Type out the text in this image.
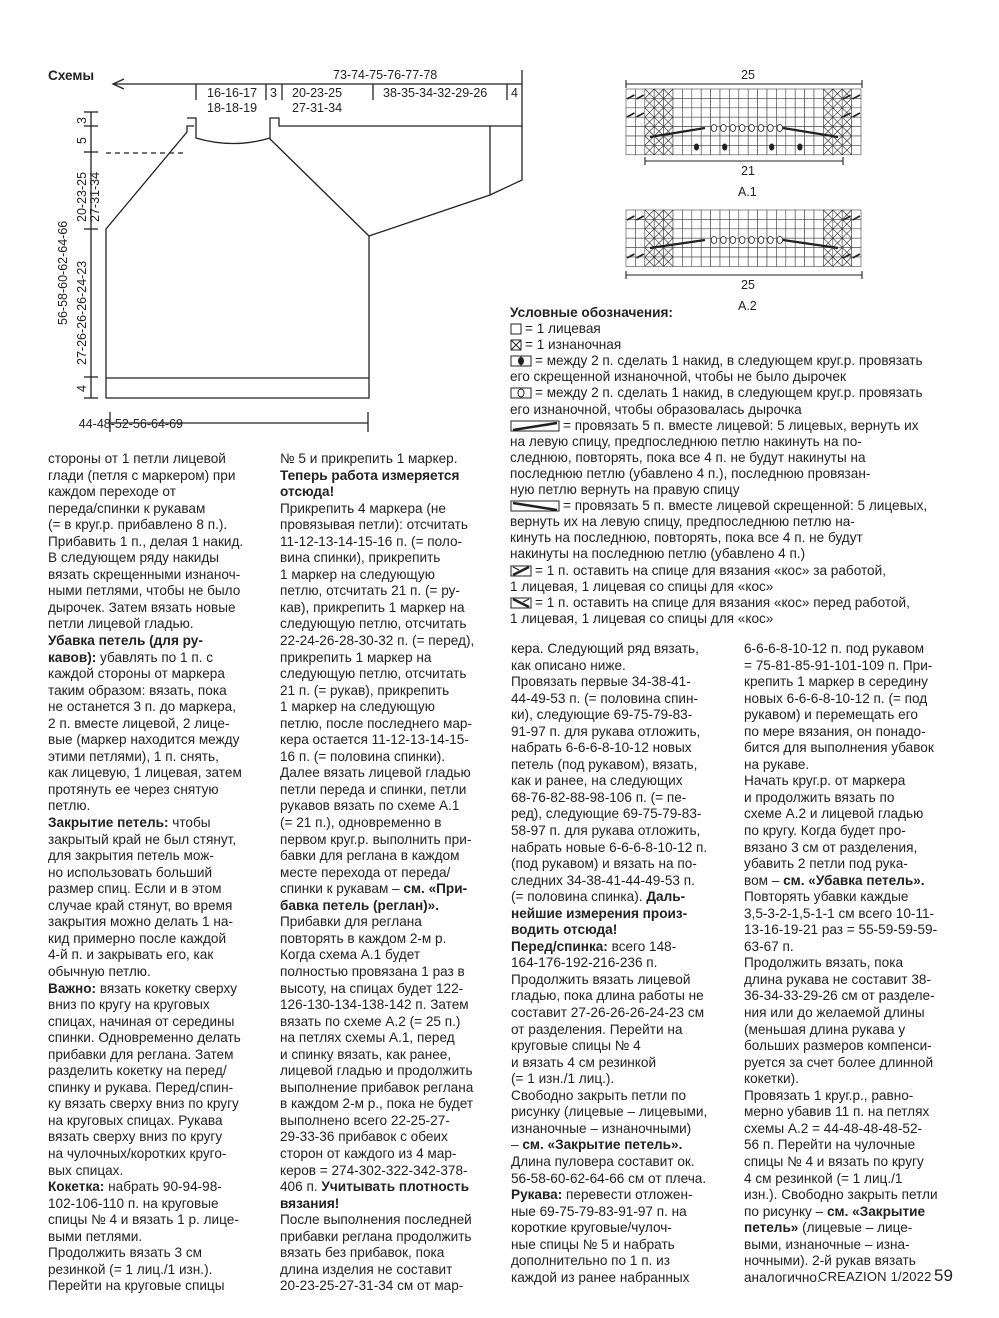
Схемы	73-74-75-76-77-78
16-16-17
18-18-19
3 20-23-25
27-31-34
38-35-34-32-29-26 4
44-48-52-56-64-69
3
5
20-23-25 27-31-34
56-58-60-62-64-66 27-26-26-26-24-23
4
25
21
A.1
25
A.2
Условные обозначения:
= 1 лицевая
= 1 изнаночная
= между 2 п. сделать 1 накид, в следующем круг.р. провязать
его скрещенной изнаночной, чтобы не было дырочек
= между 2 п. сделать 1 накид, в следующем круг.р. провязать
его изнаночной, чтобы образовалась дырочка
= провязать 5 п. вместе лицевой: 5 лицевых, вернуть их
на левую спицу, предпоследнюю петлю накинуть на по-
следнюю, повторять, пока все 4 п. не будут накинуты на
последнюю петлю (убавлено 4 п.), последнюю провязан-
ную петлю вернуть на правую спицу
= провязать 5 п. вместе лицевой скрещенной: 5 лицевых,
вернуть их на левую спицу, предпоследнюю петлю на-
кинуть на последнюю, повторять, пока все 4 п. не будут
накинуты на последнюю петлю (убавлено 4 п.)
= 1 п. оставить на спице для вязания «кос» за работой,
1 лицевая, 1 лицевая со спицы для «кос»
= 1 п. оставить на спице для вязания «кос» перед работой,
1 лицевая, 1 лицевая со спицы для «кос»
стороны от 1 петли лицевой
глади (петля с маркером) при
каждом переходе от
переда/спинки к рукавам
(= в круг.р. прибавлено 8 п.).
Прибавить 1 п., делая 1 накид.
В следующем ряду накиды
вязать скрещенными изнаноч-
ными петлями, чтобы не было
дырочек. Затем вязать новые
петли лицевой гладью.
Убавка петель (для ру-
кавов): убавлять по 1 п. с
каждой стороны от маркера
таким образом: вязать, пока
не останется 3 п. до маркера,
2 п. вместе лицевой, 2 лице-
вые (маркер находится между
этими петлями), 1 п. снять,
как лицевую, 1 лицевая, затем
протянуть ее через снятую
петлю.
Закрытие петель: чтобы
закрытый край не был стянут,
для закрытия петель мож-
но использовать больший
размер спиц. Если и в этом
случае край стянут, во время
закрытия можно делать 1 на-
кид примерно после каждой
4-й п. и закрывать его, как
обычную петлю.
Важно: вязать кокетку сверху
вниз по кругу на круговых
спицах, начиная от середины
спинки. Одновременно делать
прибавки для реглана. Затем
разделить кокетку на перед/
спинку и рукава. Перед/спин-
ку вязать сверху вниз по кругу
на круговых спицах. Рукава
вязать сверху вниз по кругу
на чулочных/коротких круго-
вых спицах.
Кокетка: набрать 90-94-98-
102-106-110 п. на круговые
спицы № 4 и вязать 1 р. лице-
выми петлями.
Продолжить вязать 3 см
резинкой (= 1 лиц./1 изн.).
Перейти на круговые спицы
№ 5 и прикрепить 1 маркер.
Теперь работа измеряется
отсюда!
Прикрепить 4 маркера (не
провязывая петли): отсчитать
11-12-13-14-15-16 п. (= поло-
вина спинки), прикрепить
1 маркер на следующую
петлю, отсчитать 21 п. (= ру-
кав), прикрепить 1 маркер на
следующую петлю, отсчитать
22-24-26-28-30-32 п. (= перед),
прикрепить 1 маркер на
следующую петлю, отсчитать
21 п. (= рукав), прикрепить
1 маркер на следующую
петлю, после последнего мар-
кера остается 11-12-13-14-15-
16 п. (= половина спинки).
Далее вязать лицевой гладью
петли переда и спинки, петли
рукавов вязать по схеме A.1
(= 21 п.), одновременно в
первом круг.р. выполнить при-
бавки для реглана в каждом
месте перехода от переда/
спинки к рукавам – см. «При-
бавка петель (реглан)».
Прибавки для реглана
повторять в каждом 2-м р.
Когда схема A.1 будет
полностью провязана 1 раз в
высоту, на спицах будет 122-
126-130-134-138-142 п. Затем
вязать по схеме A.2 (= 25 п.)
на петлях схемы A.1, перед
и спинку вязать, как ранее,
лицевой гладью и продолжить
выполнение прибавок реглана
в каждом 2-м р., пока не будет
выполнено всего 22-25-27-
29-33-36 прибавок с обеих
сторон от каждого из 4 мар-
керов = 274-302-322-342-378-
406 п. Учитывать плотность
вязания!
После выполнения последней
прибавки реглана продолжить
вязать без прибавок, пока
длина изделия не составит
20-23-25-27-31-34 см от мар-
кера. Следующий ряд вязать,
как описано ниже.
Провязать первые 34-38-41-
44-49-53 п. (= половина спин-
ки), следующие 69-75-79-83-
91-97 п. для рукава отложить,
набрать 6-6-6-8-10-12 новых
петель (под рукавом), вязать,
как и ранее, на следующих
68-76-82-88-98-106 п. (= пе-
ред), следующие 69-75-79-83-
58-97 п. для рукава отложить,
набрать новые 6-6-6-8-10-12 п.
(под рукавом) и вязать на по-
следних 34-38-41-44-49-53 п.
(= половина спинка). Даль-
нейшие измерения произ-
водить отсюда!
Перед/спинка: всего 148-
164-176-192-216-236 п.
Продолжить вязать лицевой
гладью, пока длина работы не
составит 27-26-26-26-24-23 см
от разделения. Перейти на
круговые спицы № 4
и вязать 4 см резинкой
(= 1 изн./1 лиц.).
Свободно закрыть петли по
рисунку (лицевые – лицевыми,
изнаночные – изнаночными)
– см. «Закрытие петель».
Длина пуловера составит ок.
56-58-60-62-64-66 см от плеча.
Рукава: перевести отложен-
ные 69-75-79-83-91-97 п. на
короткие круговые/чулоч-
ные спицы № 5 и набрать
дополнительно по 1 п. из
каждой из ранее набранных
6-6-6-8-10-12 п. под рукавом
= 75-81-85-91-101-109 п. При-
крепить 1 маркер в середину
новых 6-6-6-8-10-12 п. (= под
рукавом) и перемещать его
по мере вязания, он понадо-
бится для выполнения убавок
на рукаве.
Начать круг.р. от маркера
и продолжить вязать по
схеме A.2 и лицевой гладью
по кругу. Когда будет про-
вязано 3 см от разделения,
убавить 2 петли под рука-
вом – см. «Убавка петель».
Повторять убавки каждые
3,5-3-2-1,5-1-1 см всего 10-11-
13-16-19-21 раз = 55-59-59-59-
63-67 п.
Продолжить вязать, пока
длина рукава не составит 38-
36-34-33-29-26 см от разделе-
ния или до желаемой длины
(меньшая длина рукава у
больших размеров компенси-
руется за счет более длинной
кокетки).
Провязать 1 круг.р., равно-
мерно убавив 11 п. на петлях
схемы A.2 = 44-48-48-48-52-
56 п. Перейти на чулочные
спицы № 4 и вязать по кругу
4 см резинкой (= 1 лиц./1
изн.). Свободно закрыть петли
по рисунку – см. «Закрытие
петель» (лицевые – лице-
выми, изнаночные – изна-
ночными). 2-й рукав вязать
аналогично.
CREAZION 1/2022 59
